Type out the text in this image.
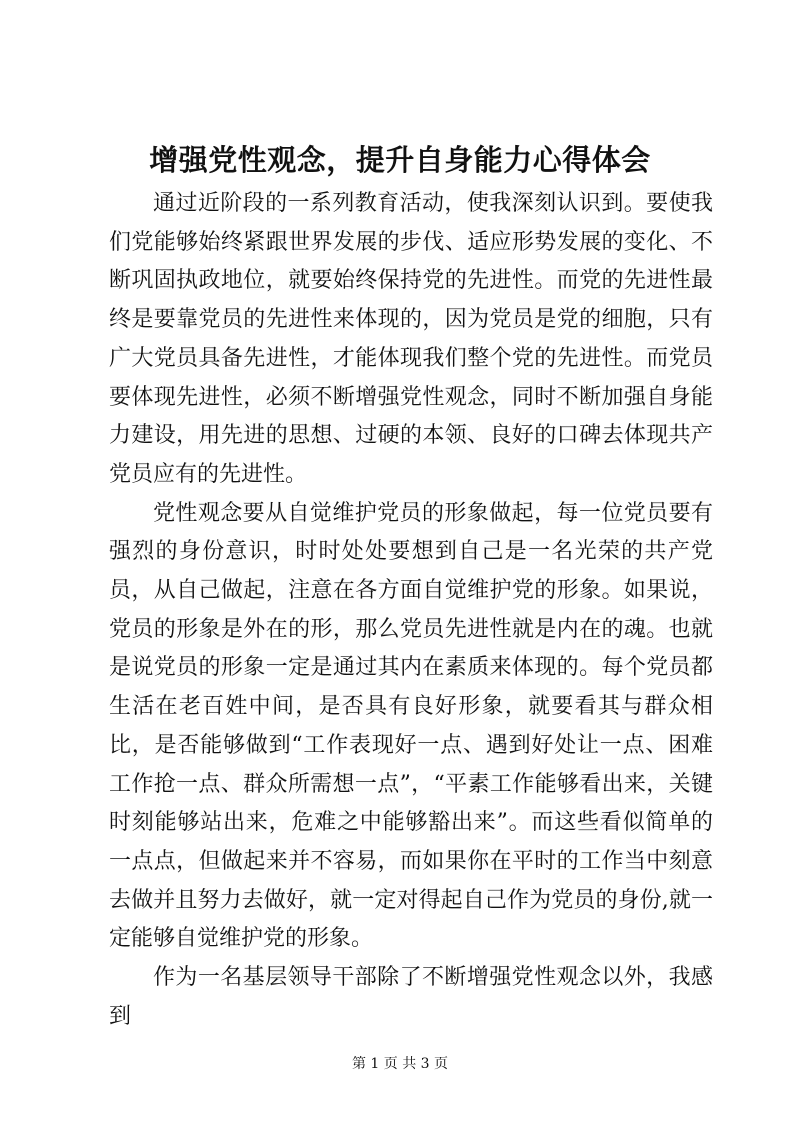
增强党性观念，提升自身能力心得体会

通过近阶段的一系列教育活动，使我深刻认识到。要使我们党能够始终紧跟世界发展的步伐、适应形势发展的变化、不断巩固执政地位，就要始终保持党的先进性。而党的先进性最终是要靠党员的先进性来体现的，因为党员是党的细胞，只有广大党员具备先进性，才能体现我们整个党的先进性。而党员要体现先进性，必须不断增强党性观念，同时不断加强自身能力建设，用先进的思想、过硬的本领、良好的口碑去体现共产党员应有的先进性。

党性观念要从自觉维护党员的形象做起，每一位党员要有强烈的身份意识，时时处处要想到自己是一名光荣的共产党员，从自己做起，注意在各方面自觉维护党的形象。如果说，党员的形象是外在的形，那么党员先进性就是内在的魂。也就是说党员的形象一定是通过其内在素质来体现的。每个党员都生活在老百姓中间，是否具有良好形象，就要看其与群众相比，是否能够做到“工作表现好一点、遇到好处让一点、困难工作抢一点、群众所需想一点”，“平素工作能够看出来，关键时刻能够站出来，危难之中能够豁出来”。而这些看似简单的一点点，但做起来并不容易，而如果你在平时的工作当中刻意去做并且努力去做好，就一定对得起自己作为党员的身份,就一定能够自觉维护党的形象。

作为一名基层领导干部除了不断增强党性观念以外，我感到

第 1 页 共 3 页
